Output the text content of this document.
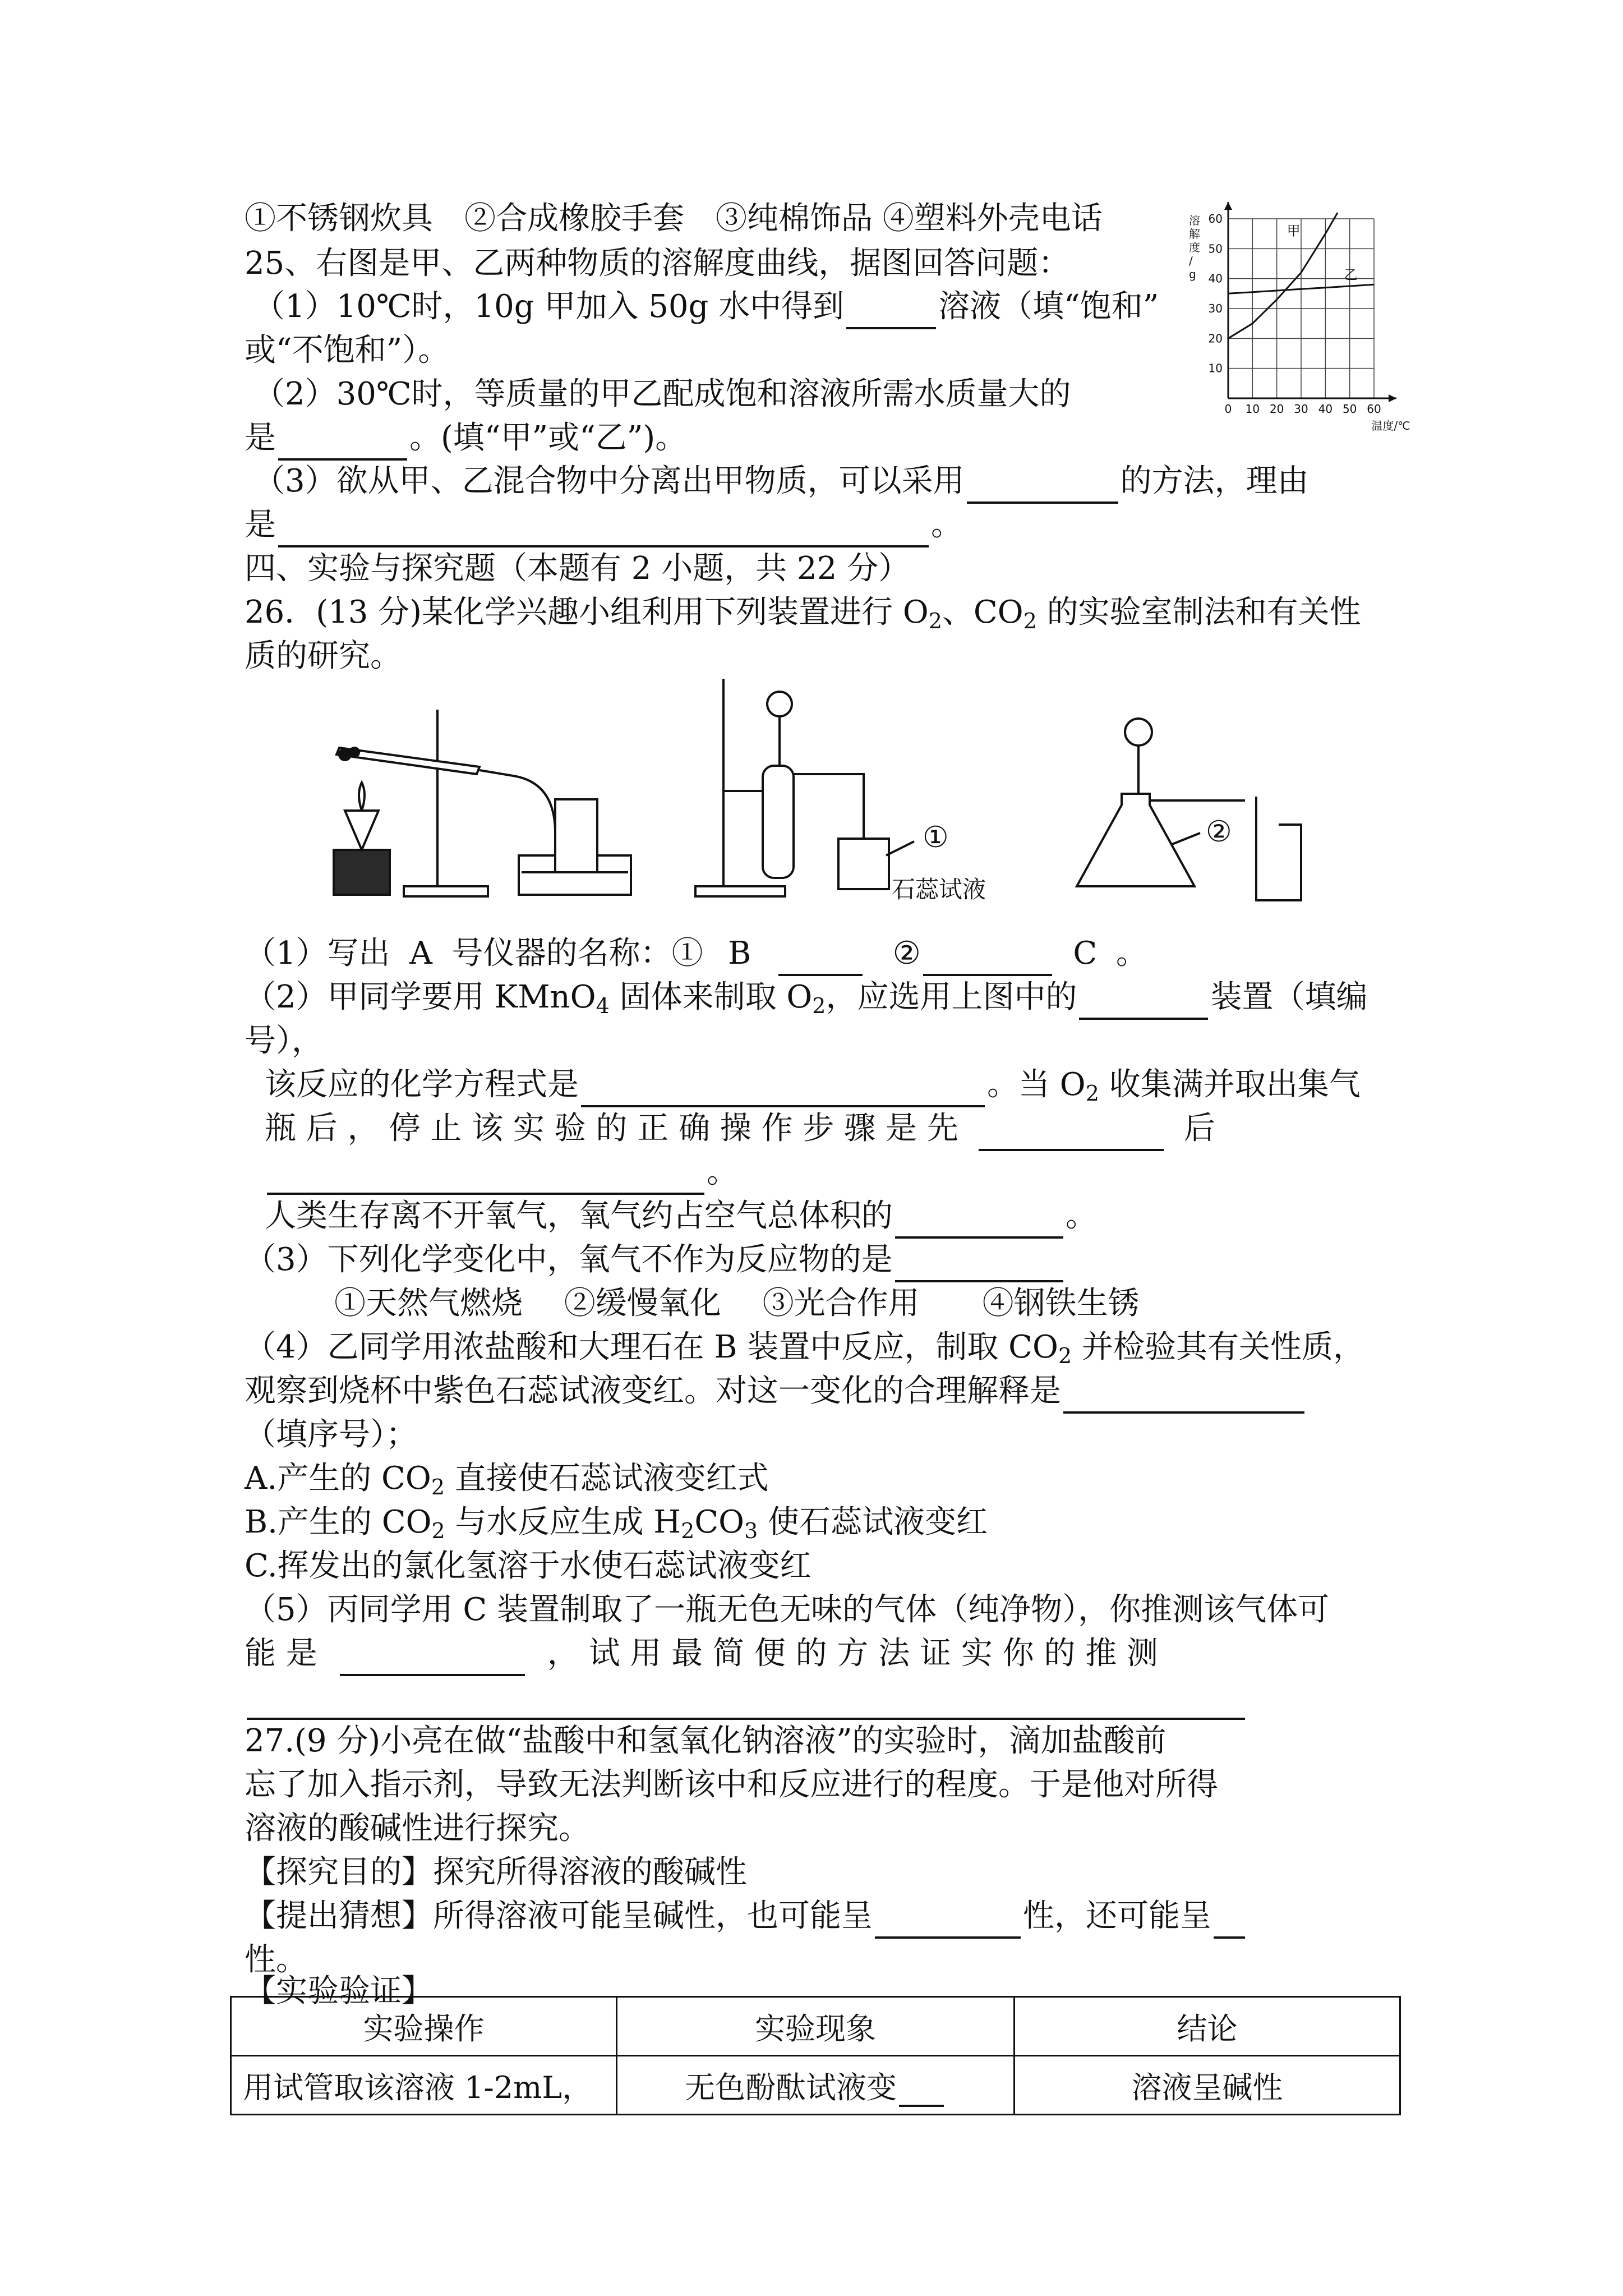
①不锈钢炊具　②合成橡胶手套　③纯棉饰品 ④塑料外壳电话
25、右图是甲、乙两种物质的溶解度曲线，据图回答问题：
（1）10℃时，10g 甲加入 50g 水中得到	溶液（填“饱和”
或“不饱和”）。
（2）30℃时，等质量的甲乙配成饱和溶液所需水质量大的
是	。(填“甲”或“乙”)。
（3）欲从甲、乙混合物中分离出甲物质，可以采用	的方法，理由
是	。
0 10 20 30 40 50 60
10
20
30
40
50
60
溶解度/ g
温度/℃
甲
乙
四、实验与探究题（本题有 2 小题，共 22 分）
26．(13 分)某化学兴趣小组利用下列装置进行 $O_2$、$CO_2$ 的实验室制法和有关性
质的研究。
①
石蕊试液
②
（1）写出 A 号仪器的名称：① B	②	C 。
（2）甲同学要用 KMnO$_4$ 固体来制取 $O_2$，应选用上图中的	装置（填编
号），
该反应的化学方程式是	。当 $O_2$ 收集满并取出集气
瓶 后 ， 停 止 该 实 验 的 正 确 操 作 步 骤 是 先	后
。
人类生存离不开氧气，氧气约占空气总体积的	。
（3）下列化学变化中，氧气不作为反应物的是
①天然气燃烧　 ②缓慢氧化　 ③光合作用　　④钢铁生锈
（4）乙同学用浓盐酸和大理石在 B 装置中反应，制取 $CO_2$ 并检验其有关性质，
观察到烧杯中紫色石蕊试液变红。对这一变化的合理解释是
（填序号）；
A.产生的 $CO_2$ 直接使石蕊试液变红式
B.产生的 $CO_2$ 与水反应生成 $H_2CO_3$ 使石蕊试液变红
C.挥发出的氯化氢溶于水使石蕊试液变红
（5）丙同学用 C 装置制取了一瓶无色无味的气体（纯净物），你推测该气体可
能 是	， 试 用 最 简 便 的 方 法 证 实 你 的 推 测
27.(9 分)小亮在做“盐酸中和氢氧化钠溶液”的实验时，滴加盐酸前
忘了加入指示剂，导致无法判断该中和反应进行的程度。于是他对所得
溶液的酸碱性进行探究。
【探究目的】探究所得溶液的酸碱性
【提出猜想】所得溶液可能呈碱性，也可能呈	性，还可能呈
性。
【实验验证】
实验操作	实验现象	结论
用试管取该溶液 1-2mL，	无色酚酞试液变	溶液呈碱性
